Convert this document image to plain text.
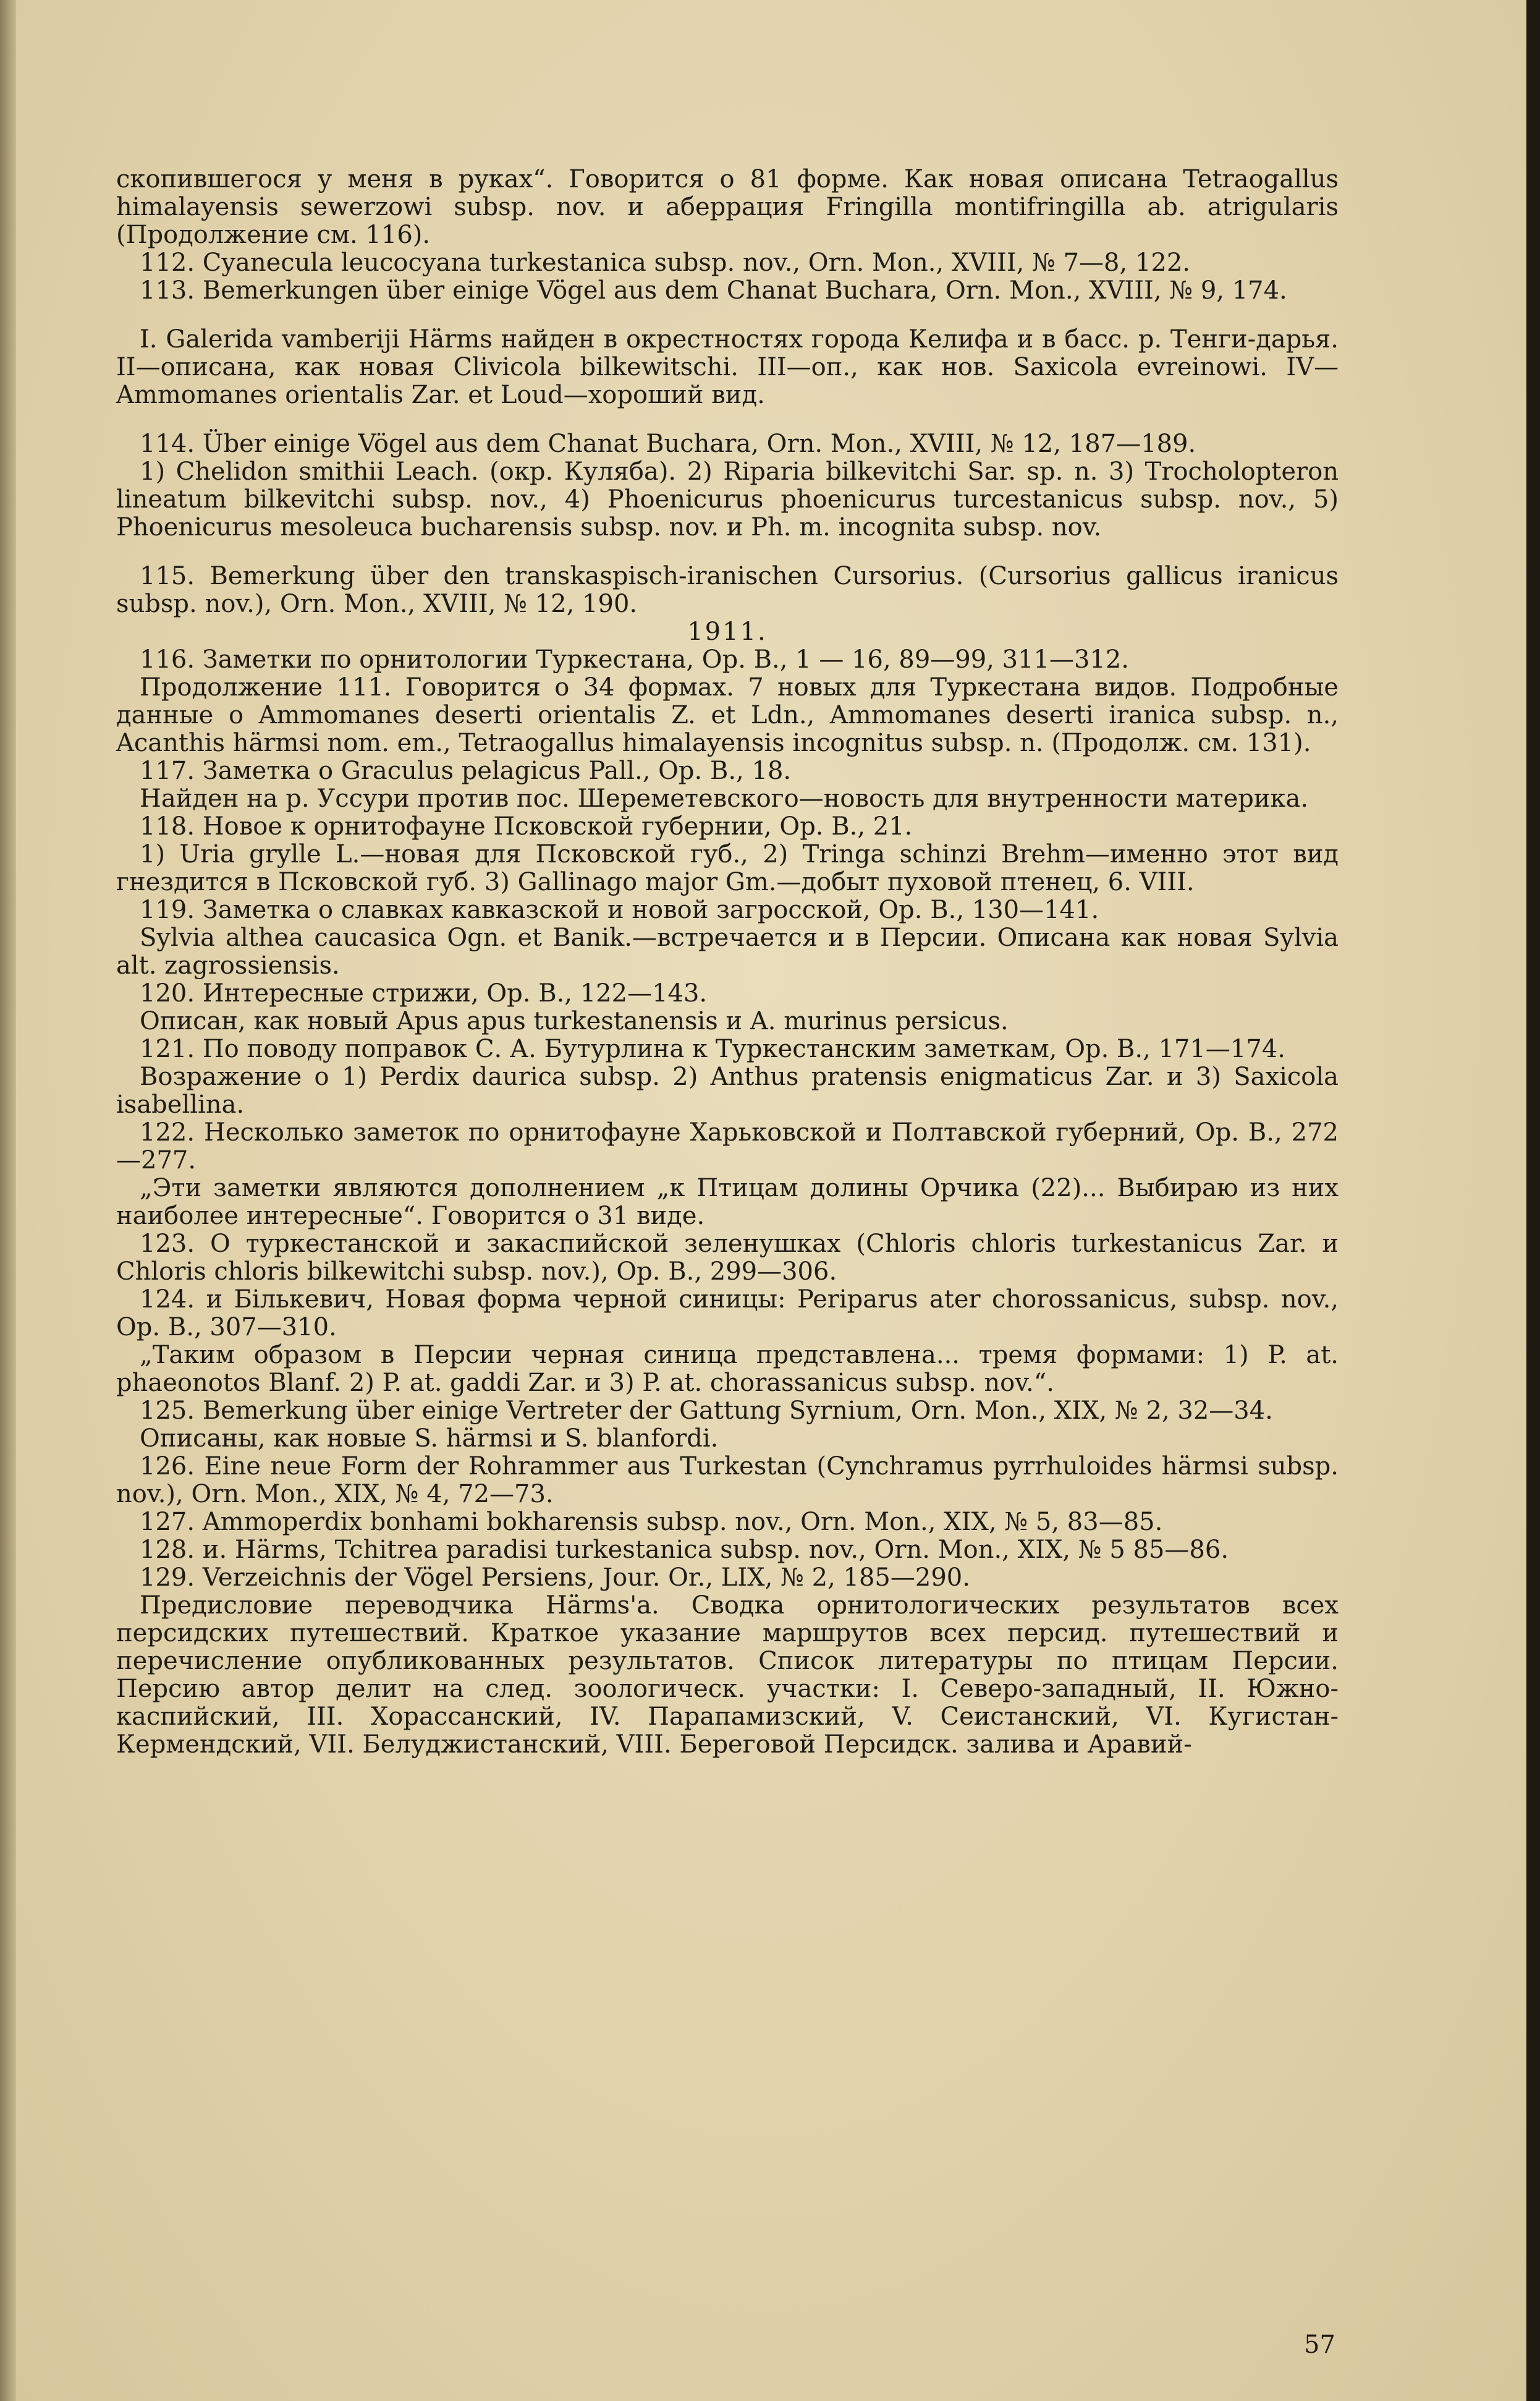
скопившегося у меня в руках“. Говорится о 81 форме. Как новая описана Tetraogallus himalayensis sewerzowi subsp. nov. и аберрация Fringilla montifringilla ab. atrigularis (Продолжение см. 116).

112. Cyanecula leucocyana turkestanica subsp. nov., Orn. Mon., XVIII, № 7—8, 122.

113. Bemerkungen über einige Vögel aus dem Chanat Buchara, Orn. Mon., XVIII, № 9, 174.

I. Galerida vamberiji Härms найден в окрестностях города Келифа и в басс. р. Тенги-дарья. II—описана, как новая Clivicola bilkewitschi. III—оп., как нов. Saxicola evreinowi. IV—Ammomanes orientalis Zar. et Loud—хороший вид.

114. Über einige Vögel aus dem Chanat Buchara, Orn. Mon., XVIII, № 12, 187—189.

1) Chelidon smithii Leach. (окр. Куляба). 2) Riparia bilkevitchi Sar. sp. n. 3) Trocholopteron lineatum bilkevitchi subsp. nov., 4) Phoenicurus phoenicurus turcestanicus subsp. nov., 5) Phoenicurus mesoleuca bucharensis subsp. nov. и Ph. m. incognita subsp. nov.

115. Bemerkung über den transkaspisch-iranischen Cursorius. (Cursorius gallicus iranicus subsp. nov.), Orn. Mon., XVIII, № 12, 190.

1911.

116. Заметки по орнитологии Туркестана, Ор. В., 1 — 16, 89—99, 311—312.

Продолжение 111. Говорится о 34 формах. 7 новых для Туркестана видов. Подробные данные о Ammomanes deserti orientalis Z. et Ldn., Ammomanes deserti iranica subsp. n., Acanthis härmsi nom. em., Tetraogallus himalayensis incognitus subsp. n. (Продолж. см. 131).

117. Заметка о Graculus pelagicus Pall., Ор. В., 18.

Найден на р. Уссури против пос. Шереметевского—новость для внутренности материка.

118. Новое к орнитофауне Псковской губернии, Ор. В., 21.

1) Uria grylle L.—новая для Псковской губ., 2) Tringa schinzi Brehm—именно этот вид гнездится в Псковской губ. 3) Gallinago major Gm.—добыт пуховой птенец, 6. VIII.

119. Заметка о славках кавказской и новой загросской, Ор. В., 130—141.

Sylvia althea caucasica Ogn. et Banik.—встречается и в Персии. Описана как новая Sylvia alt. zagrossiensis.

120. Интересные стрижи, Ор. В., 122—143.

Описан, как новый Apus apus turkestanensis и A. murinus persicus.

121. По поводу поправок С. А. Бутурлина к Туркестанским заметкам, Ор. В., 171—174.

Возражение о 1) Perdix daurica subsp. 2) Anthus pratensis enigmaticus Zar. и 3) Saxicola isabellina.

122. Несколько заметок по орнитофауне Харьковской и Полтавской губерний, Ор. В., 272—277.

„Эти заметки являются дополнением „к Птицам долины Орчика (22)... Выбираю из них наиболее интересные“. Говорится о 31 виде.

123. О туркестанской и закаспийской зеленушках (Chloris chloris turkestanicus Zar. и Chloris chloris bilkewitchi subsp. nov.), Ор. В., 299—306.

124. и Бількевич, Новая форма черной синицы: Periparus ater chorossanicus, subsp. nov., Ор. В., 307—310.

„Таким образом в Персии черная синица представлена... тремя формами: 1) P. at. phaeonotos Blanf. 2) P. at. gaddi Zar. и 3) P. at. chorassanicus subsp. nov.“.

125. Bemerkung über einige Vertreter der Gattung Syrnium, Orn. Mon., XIX, № 2, 32—34.

Описаны, как новые S. härmsi и S. blanfordi.

126. Eine neue Form der Rohrammer aus Turkestan (Cynchramus pyrrhuloides härmsi subsp. nov.), Orn. Mon., XIX, № 4, 72—73.

127. Ammoperdix bonhami bokharensis subsp. nov., Orn. Mon., XIX, № 5, 83—85.

128. и. Härms, Tchitrea paradisi turkestanica subsp. nov., Orn. Mon., XIX, № 5 85—86.

129. Verzeichnis der Vögel Persiens, Jour. Or., LIX, № 2, 185—290.

Предисловие переводчика Härms'а. Сводка орнитологических результатов всех персидских путешествий. Краткое указание маршрутов всех персид. путешествий и перечисление опубликованных результатов. Список литературы по птицам Персии. Персию автор делит на след. зоологическ. участки: I. Северо-западный, II. Южно-каспийский, III. Хорассанский, IV. Парапамизский, V. Сеистанский, VI. Кугистан-Кермендский, VII. Белуджистанский, VIII. Береговой Персидск. залива и Аравий-

57
